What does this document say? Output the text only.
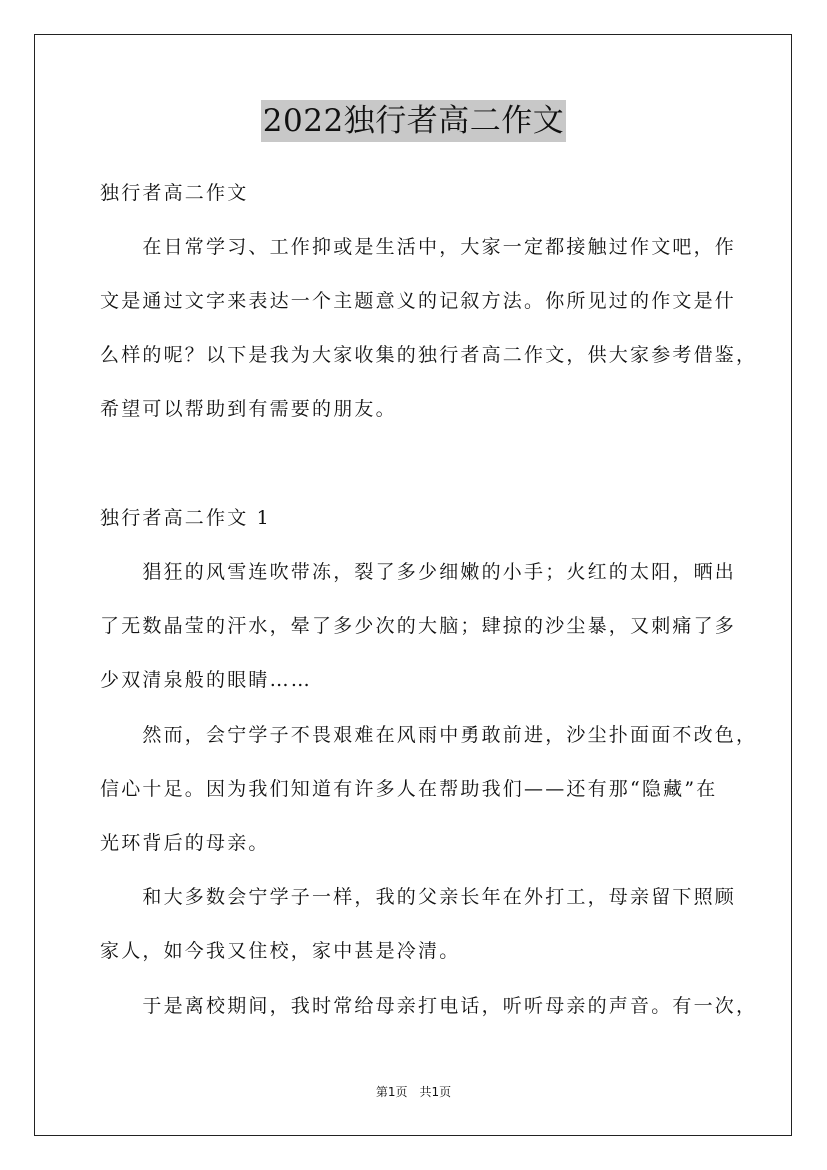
2022独行者高二作文
独行者高二作文
　　在日常学习、工作抑或是生活中，大家一定都接触过作文吧，作
文是通过文字来表达一个主题意义的记叙方法。你所见过的作文是什
么样的呢？以下是我为大家收集的独行者高二作文，供大家参考借鉴，
希望可以帮助到有需要的朋友。
独行者高二作文 1
　　猖狂的风雪连吹带冻，裂了多少细嫩的小手；火红的太阳，晒出
了无数晶莹的汗水，晕了多少次的大脑；肆掠的沙尘暴，又刺痛了多
少双清泉般的眼睛……
　　然而，会宁学子不畏艰难在风雨中勇敢前进，沙尘扑面面不改色，
信心十足。因为我们知道有许多人在帮助我们——还有那“隐藏”在
光环背后的母亲。
　　和大多数会宁学子一样，我的父亲长年在外打工，母亲留下照顾
家人，如今我又住校，家中甚是冷清。
　　于是离校期间，我时常给母亲打电话，听听母亲的声音。有一次，
第1页　共1页
